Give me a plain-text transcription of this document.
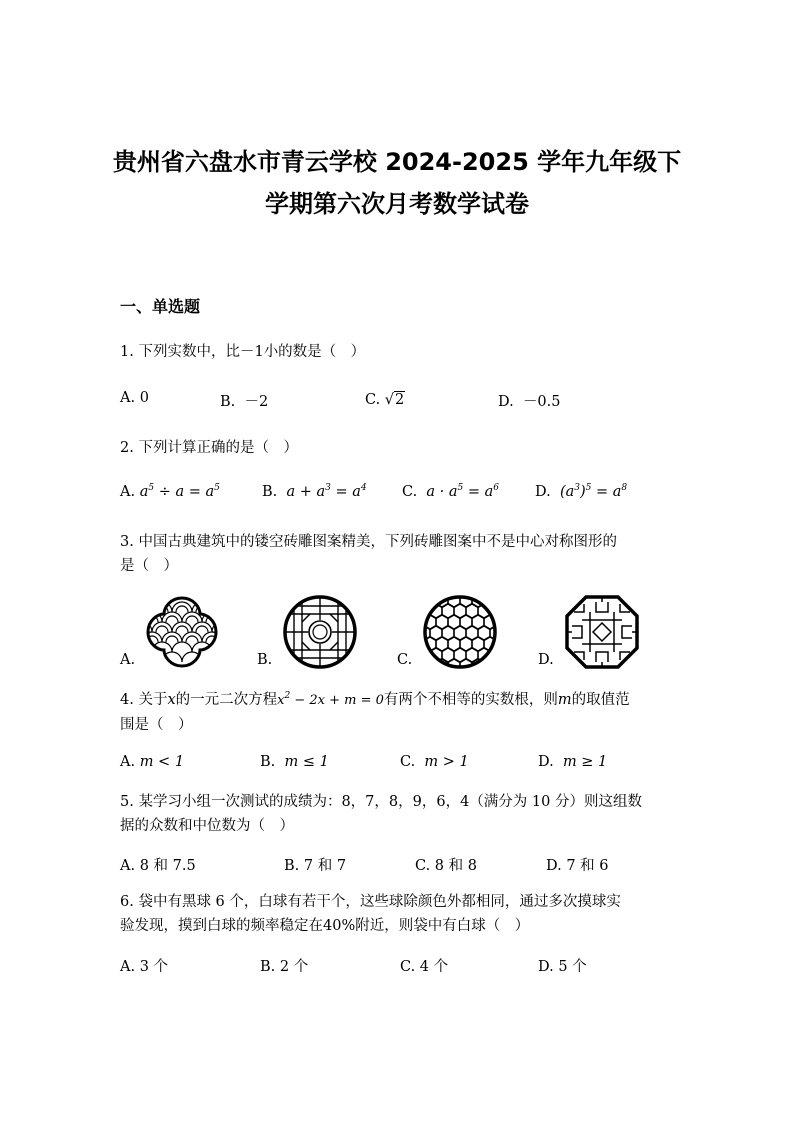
贵州省六盘水市青云学校 2024-2025 学年九年级下
学期第六次月考数学试卷
一、单选题
1. 下列实数中，比－1小的数是（　）
A. 0	B. －2	C. √2	D. －0.5
2. 下列计算正确的是（　）
A. $a^5 \div a = a^5$	B. $a + a^3 = a^4$ C. $a \cdot a^5 = a^6$ D. $(a^3)^5 = a^8$
3. 中国古典建筑中的镂空砖雕图案精美，下列砖雕图案中不是中心对称图形的
是（　）
A.	B.	C.	D.
4. 关于x的一元二次方程$x^2 - 2x + m = 0$有两个不相等的实数根，则m的取值范
围是（　）
A. m < 1	B. m ≤ 1	C. m > 1	D. m ≥ 1
5. 某学习小组一次测试的成绩为：8，7，8，9，6，4（满分为 10 分）则这组数
据的众数和中位数为（　）
A. 8 和 7.5	B. 7 和 7	C. 8 和 8	D. 7 和 6
6. 袋中有黑球 6 个，白球有若干个，这些球除颜色外都相同，通过多次摸球实
验发现，摸到白球的频率稳定在40%附近，则袋中有白球（　）
A. 3 个	B. 2 个	C. 4 个	D. 5 个
